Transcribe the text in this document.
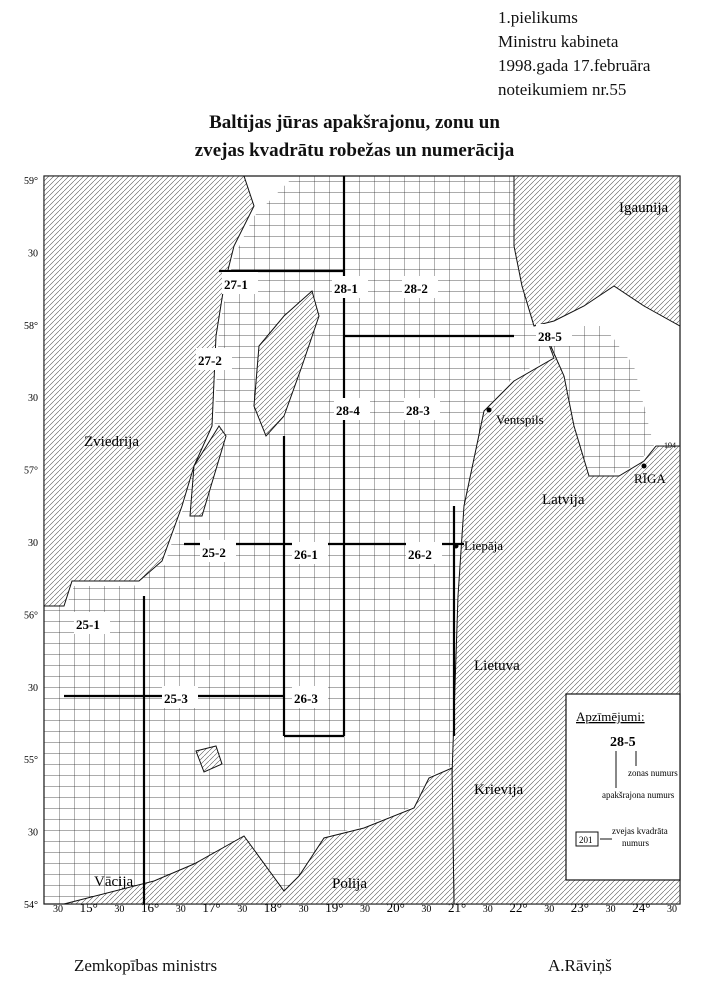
1.pielikums
Ministru kabineta
1998.gada 17.februāra
noteikumiem nr.55
Baltijas jūras apakšrajonu, zonu un
zvejas kvadrātu robežas un numerācija
59°
30
58°
30
57°
30
56°
30
55°
30
54° 30 15° 30 16° 30 17° 30 18° 30 19° 30 20° 30 21° 30 22° 30 23° 30 24° 30
Igaunija
Zviedrija
Latvija
Lietuva
Krievija
Polija
Vācija
Ventspils
Liepāja
RĪGA
194
27-1	28-1	28-2
28-5
27-2
28-4	28-3
25-2	26-1	26-2
25-1
25-3	26-3
Apzīmējumi:
28-5
zonas numurs
apakšrajona numurs
201
zvejas kvadrāta
numurs
Zemkopības ministrs	A.Rāviņš
